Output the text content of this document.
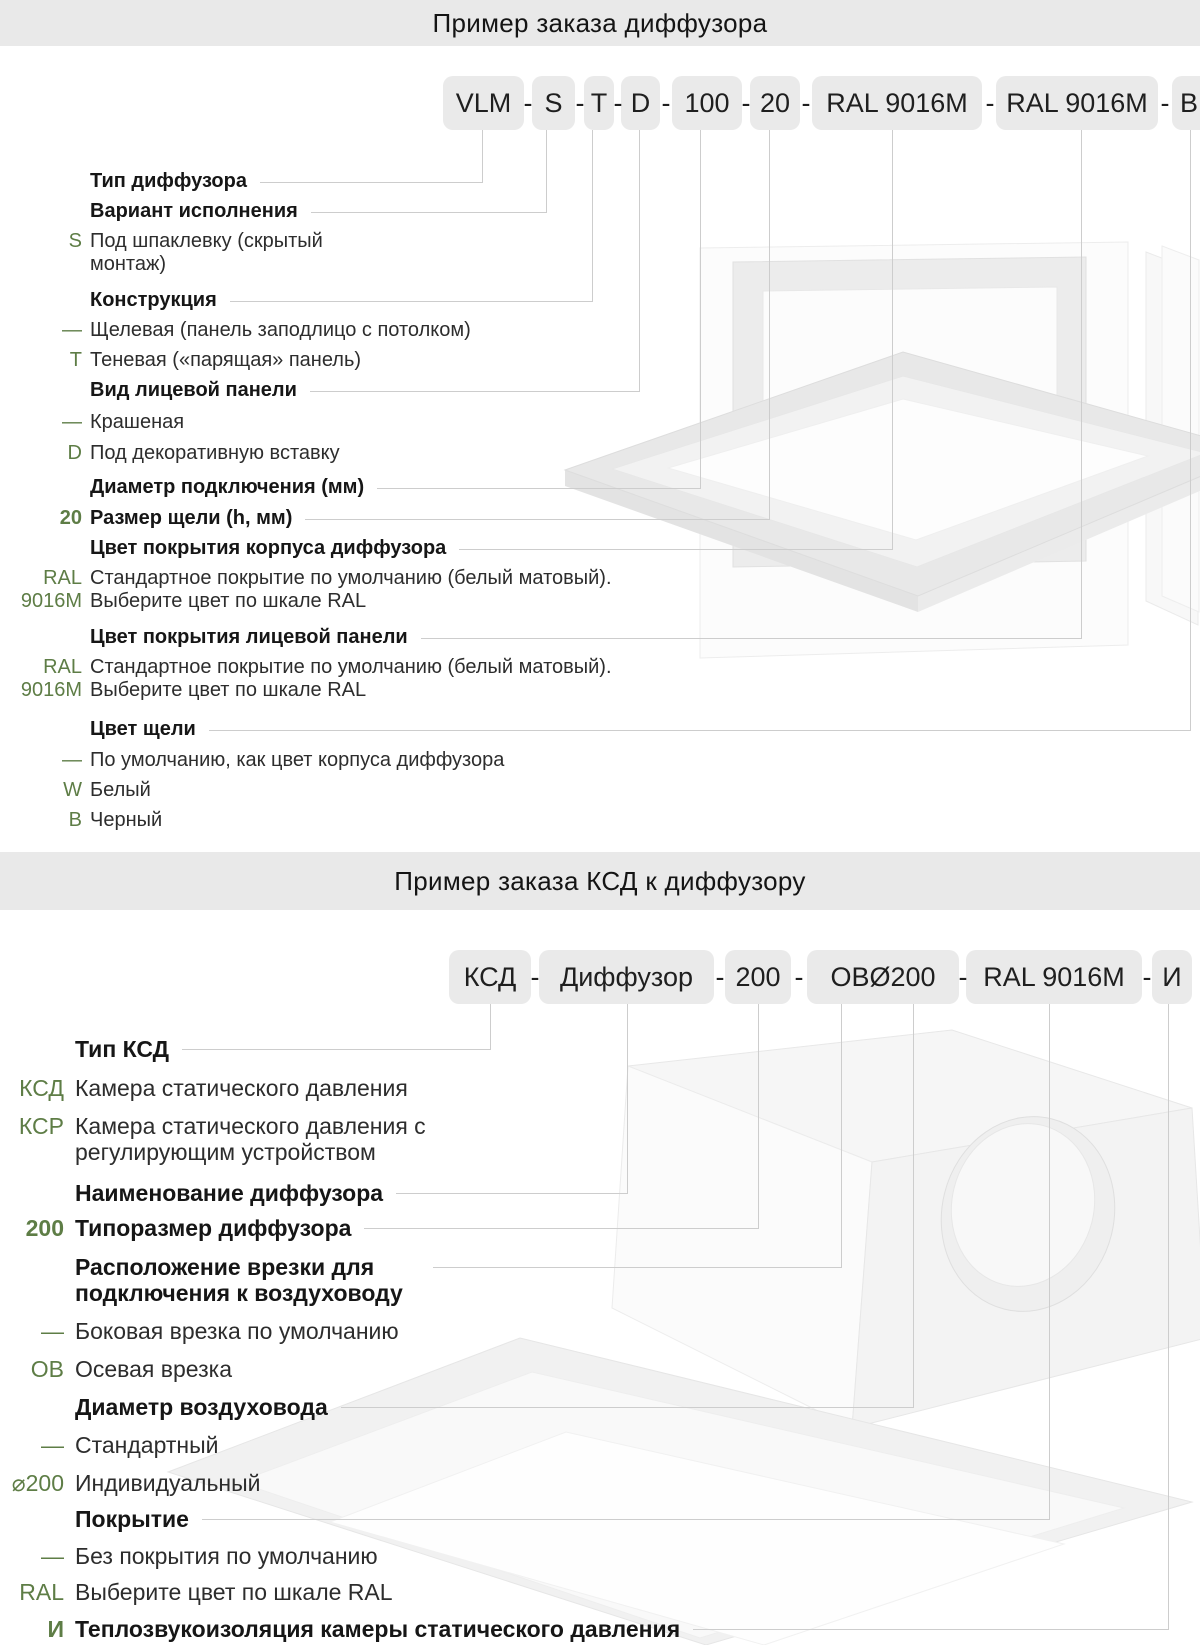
Пример заказа диффузора
VLM	S	T D	100	20	RAL 9016M	RAL 9016M	B
- - - -	- -	-	-
Тип диффузора
Вариант исполнения
S Под шпаклевку (скрытый монтаж)
Конструкция
— Щелевая (панель заподлицо с потолком)
T Теневая («парящая» панель)
Вид лицевой панели
— Крашеная
D Под декоративную вставку
Диаметр подключения (мм)
20 Размер щели (h, мм)
Цвет покрытия корпуса диффузора
RAL 9016M
Стандартное покрытие по умолчанию (белый матовый). Выберите цвет по шкале RAL
Цвет покрытия лицевой панели
RAL 9016M
Стандартное покрытие по умолчанию (белый матовый). Выберите цвет по шкале RAL
Цвет щели
— По умолчанию, как цвет корпуса диффузора
W Белый
B Черный
Пример заказа КСД к диффузору
КСД	Диффузор	200	ОВØ200	RAL 9016M	И
-	-	-	-	-
Тип КСД
КСД Камера статического давления
КСР Камера статического давления с регулирующим устройством
Наименование диффузора
200 Типоразмер диффузора
Расположение врезки для подключения к воздуховоду
— Боковая врезка по умолчанию
ОВ Осевая врезка
Диаметр воздуховода
— Стандартный
⌀200 Индивидуальный
Покрытие
— Без покрытия по умолчанию
RAL Выберите цвет по шкале RAL
И Теплозвукоизоляция камеры статического давления
